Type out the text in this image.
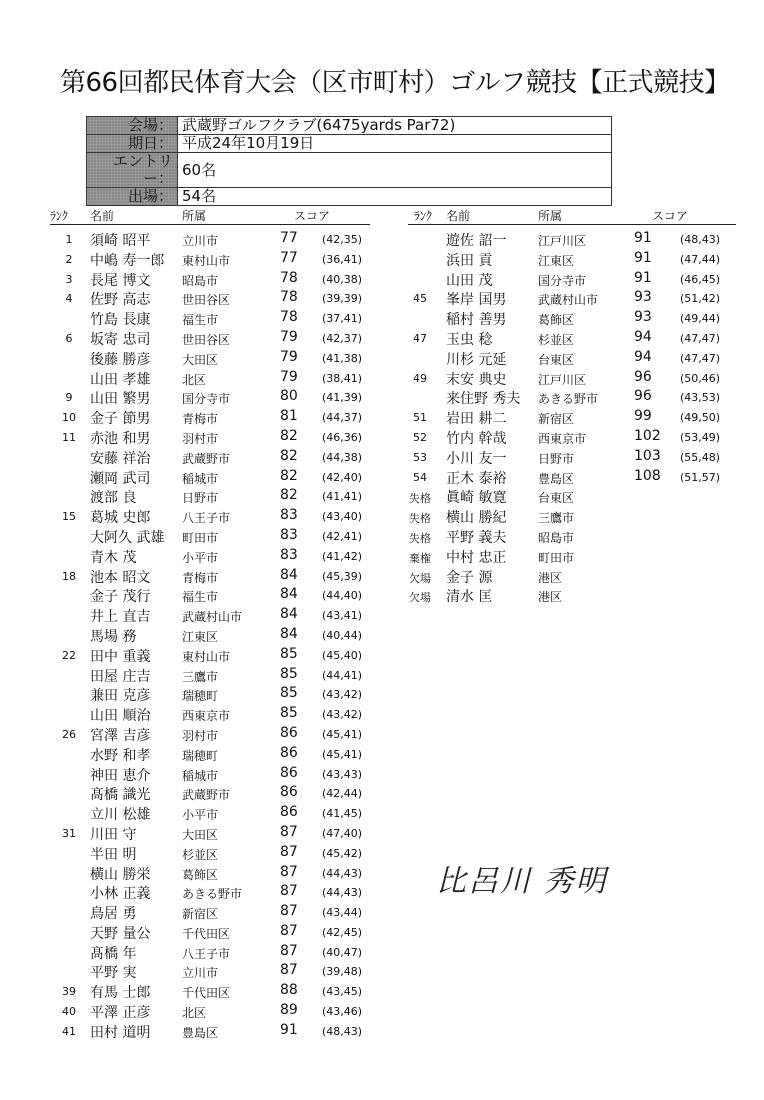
第66回都民体育大会（区市町村）ゴルフ競技【正式競技】
会場：	武蔵野ゴルフクラブ(6475yards Par72)
期日：	平成24年10月19日
エントリー：	60名
出場：	54名
ﾗﾝｸ 名前	所属	スコア
1	須崎 昭平	立川市	77 (42,35)
2	中嶋 寿一郎 東村山市	77 (36,41)
3	長尾 博文	昭島市	78 (40,38)
4	佐野 高志	世田谷区	78 (39,39)
竹島 長康	福生市	78 (37,41)
6	坂寄 忠司	世田谷区	79 (42,37)
後藤 勝彦	大田区	79 (41,38)
山田 孝雄	北区	79 (38,41)
9	山田 繁男	国分寺市	80 (41,39)
10	金子 節男	青梅市	81 (44,37)
11	赤池 和男	羽村市	82 (46,36)
安藤 祥治	武蔵野市	82 (44,38)
瀬岡 武司	稲城市	82 (42,40)
渡部 良	日野市	82 (41,41)
15	葛城 史郎	八王子市	83 (43,40)
大阿久 武雄 町田市	83 (42,41)
青木 茂	小平市	83 (41,42)
18	池本 昭文	青梅市	84 (45,39)
金子 茂行	福生市	84 (44,40)
井上 直吉	武蔵村山市	84 (43,41)
馬場 務	江東区	84 (40,44)
22	田中 重義	東村山市	85 (45,40)
田屋 庄吉	三鷹市	85 (44,41)
兼田 克彦	瑞穂町	85 (43,42)
山田 順治	西東京市	85 (43,42)
26	宮澤 吉彦	羽村市	86 (45,41)
水野 和孝	瑞穂町	86 (45,41)
神田 恵介	稲城市	86 (43,43)
髙橋 識光	武蔵野市	86 (42,44)
立川 松雄	小平市	86 (41,45)
31	川田 守	大田区	87 (47,40)
半田 明	杉並区	87 (45,42)
横山 勝栄	葛飾区	87 (44,43)
小林 正義	あきる野市	87 (44,43)
鳥居 勇	新宿区	87 (43,44)
天野 量公	千代田区	87 (42,45)
髙橋 年	八王子市	87 (40,47)
平野 実	立川市	87 (39,48)
39	有馬 士郎	千代田区	88 (43,45)
40	平澤 正彦	北区	89 (43,46)
41	田村 道明	豊島区	91 (48,43)
ﾗﾝｸ 名前	所属	スコア
遊佐 詔一	江戸川区	91	(48,43)
浜田 貢	江東区	91	(47,44)
山田 茂	国分寺市	91	(46,45)
45	峯岸 国男	武蔵村山市	93	(51,42)
稲村 善男	葛飾区	93	(49,44)
47	玉虫 稔	杉並区	94	(47,47)
川杉 元延	台東区	94	(47,47)
49	末安 典史	江戸川区	96	(50,46)
来住野 秀夫 あきる野市	96	(43,53)
51	岩田 耕二	新宿区	99	(49,50)
52	竹内 幹哉	西東京市	102 (53,49)
53	小川 友一	日野市	103 (55,48)
54	正木 泰裕	豊島区	108 (51,57)
失格 眞崎 敏寛	台東区
失格 横山 勝紀	三鷹市
失格 平野 義夫	昭島市
棄権 中村 忠正	町田市
欠場 金子 源	港区
欠場 清水 匡	港区
比呂川 秀明
